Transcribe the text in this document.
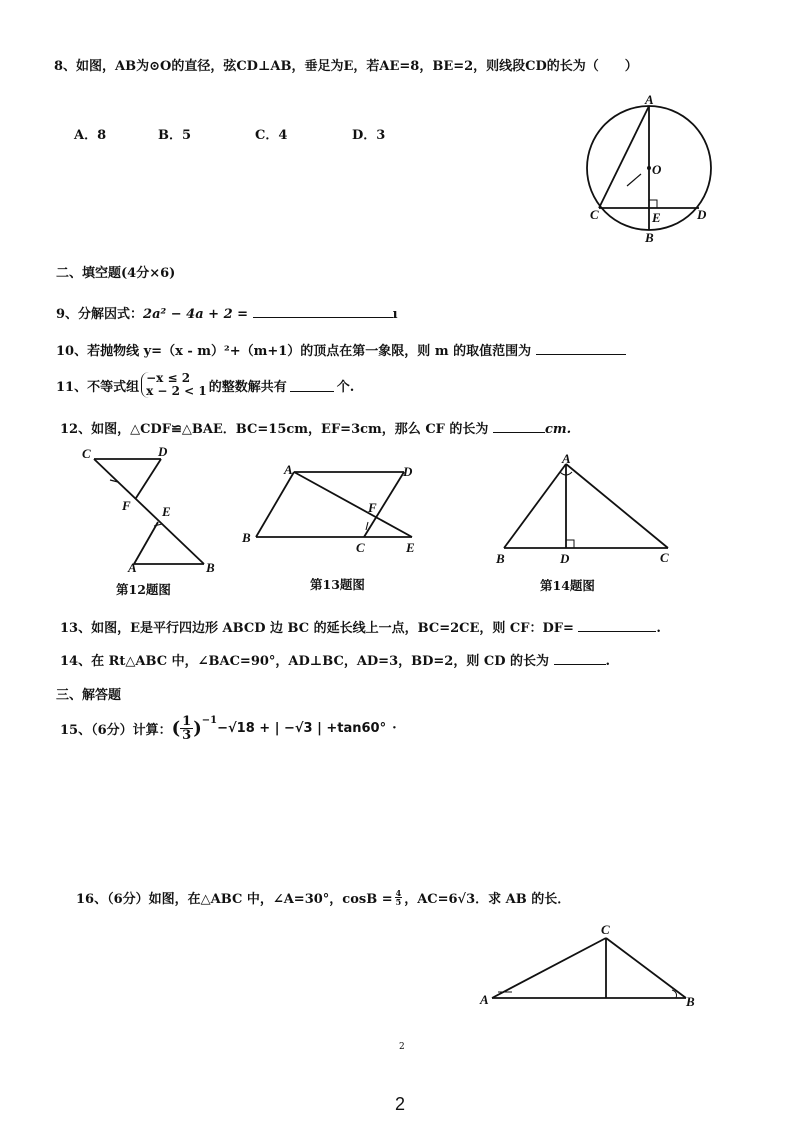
8、如图，AB为⊙O的直径，弦CD⊥AB，垂足为E，若AE=8，BE=2，则线段CD的长为（　　）
A．8	B．5	C．4	D．3
A
O
C	E	D
B
二、填空题(4分×6)
9、分解因式：2a² − 4a + 2 =	ı
10、若抛物线 y=（x - m）²+（m+1）的顶点在第一象限，则 m 的取值范围为
11、不等式组
−x ≤ 2
x − 2 < 1 的整数解共有	个.
12、如图，△CDF≌△BAE．BC=15cm，EF=3cm，那么 CF 的长为	cm.
C	D
F E
A	B
第12题图
A	D
F
B
C	E
第13题图
A
B	D	C
第14题图
13、如图，E是平行四边形 ABCD 边 BC 的延长线上一点，BC=2CE，则 CF：DF=	.
14、在 Rt△ABC 中，∠BAC=90°，AD⊥BC，AD=3，BD=2，则 CD 的长为	.
三、解答题
15、（6分）计算： ( $\frac{1}{3} )^{-1}$
−√18 + | −√3 | +tan60° ·
16、（6分）如图，在△ABC 中，∠A=30°，$\cos B = \frac{4}{5}$ ，AC=6√3．求 AB 的长．
C
A	B
2
2
